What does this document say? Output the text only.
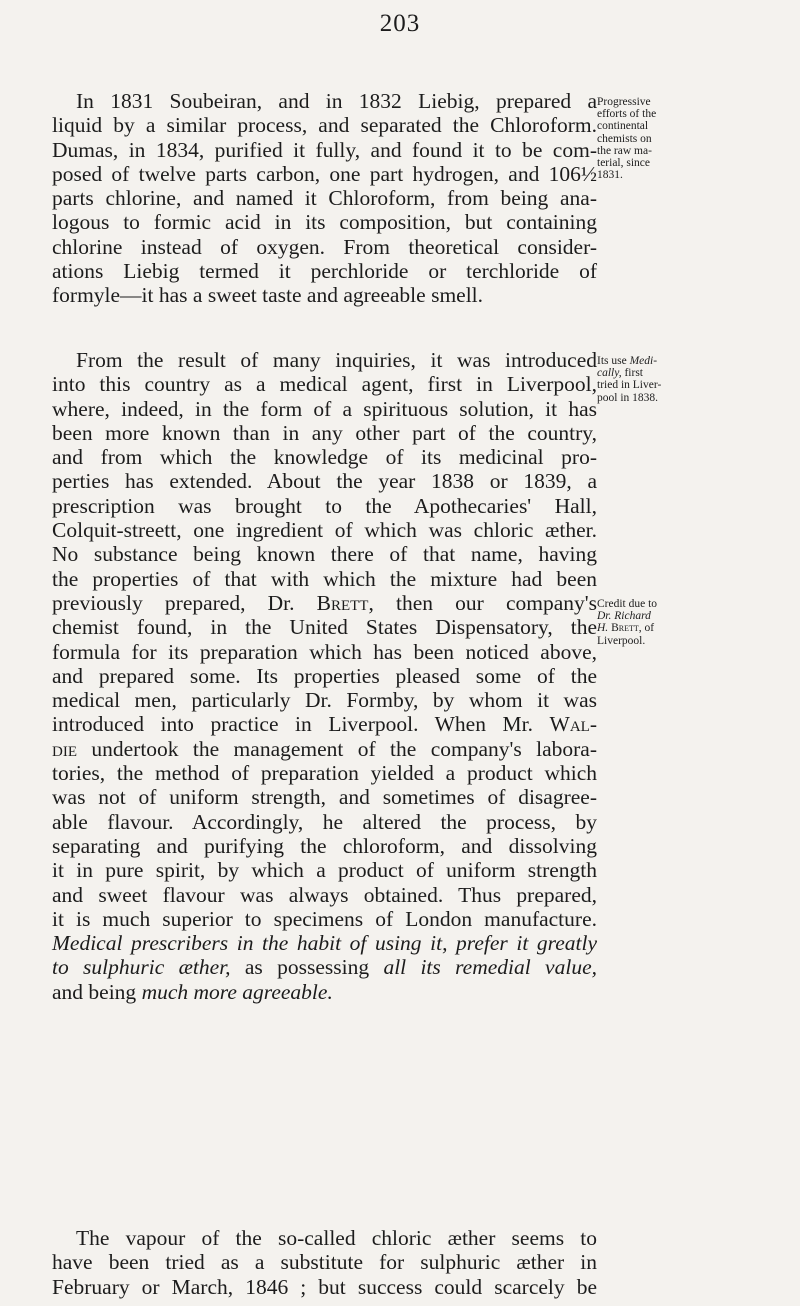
203
In 1831 Soubeiran, and in 1832 Liebig, prepared a
liquid by a similar process, and separated the Chloroform.
Dumas, in 1834, purified it fully, and found it to be com-
posed of twelve parts carbon, one part hydrogen, and 106½
parts chlorine, and named it Chloroform, from being ana-
logous to formic acid in its composition, but containing
chlorine instead of oxygen. From theoretical consider-
ations Liebig termed it perchloride or terchloride of
formyle—it has a sweet taste and agreeable smell.
Progressive
efforts of the
continental
chemists on
the raw ma-
terial, since
1831.
From the result of many inquiries, it was introduced
into this country as a medical agent, first in Liverpool,
where, indeed, in the form of a spirituous solution, it has
been more known than in any other part of the country,
and from which the knowledge of its medicinal pro-
perties has extended. About the year 1838 or 1839, a
prescription was brought to the Apothecaries' Hall,
Colquit-streett, one ingredient of which was chloric æther.
No substance being known there of that name, having
the properties of that with which the mixture had been
previously prepared, Dr. Brett, then our company's
chemist found, in the United States Dispensatory, the
formula for its preparation which has been noticed above,
and prepared some. Its properties pleased some of the
medical men, particularly Dr. Formby, by whom it was
introduced into practice in Liverpool. When Mr. Wal-
die undertook the management of the company's labora-
tories, the method of preparation yielded a product which
was not of uniform strength, and sometimes of disagree-
able flavour. Accordingly, he altered the process, by
separating and purifying the chloroform, and dissolving
it in pure spirit, by which a product of uniform strength
and sweet flavour was always obtained. Thus prepared,
it is much superior to specimens of London manufacture.
Medical prescribers in the habit of using it, prefer it greatly
to sulphuric æther, as possessing all its remedial value,
and being much more agreeable.
Its use Medi-
cally, first
tried in Liver-
pool in 1838.
Credit due to
Dr. Richard
H. Brett, of
Liverpool.
The vapour of the so-called chloric æther seems to
have been tried as a substitute for sulphuric æther in
February or March, 1846 ; but success could scarcely be
